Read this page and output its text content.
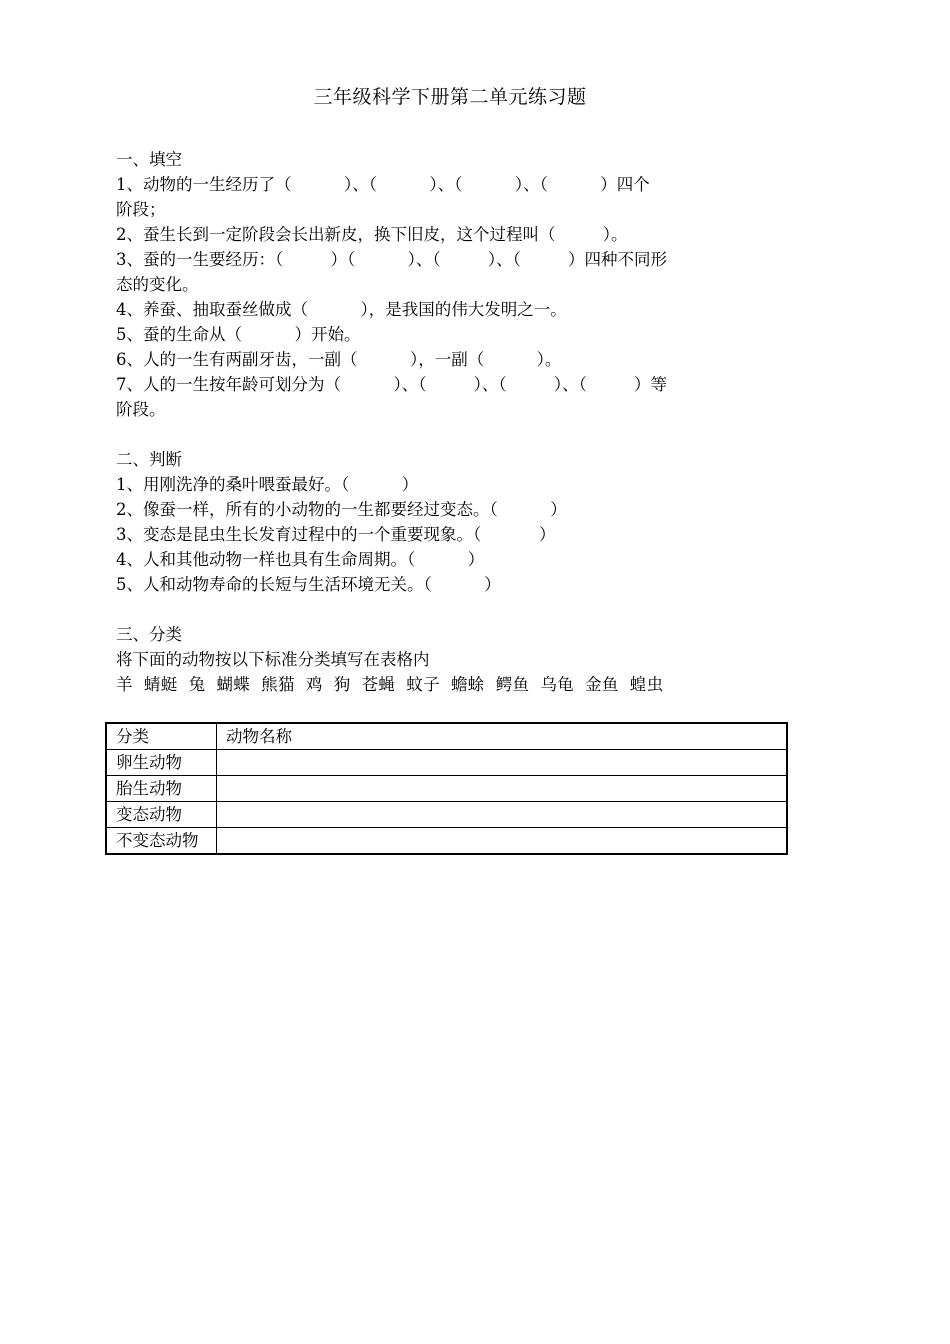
三年级科学下册第二单元练习题
一、填空
1、动物的一生经历了（          ）、（          ）、（          ）、（          ）四个
阶段；
2、蚕生长到一定阶段会长出新皮，换下旧皮，这个过程叫（         ）。
3、蚕的一生要经历：（         ）（          ）、（         ）、（         ）四种不同形
态的变化。
4、养蚕、抽取蚕丝做成（          ），是我国的伟大发明之一。
5、蚕的生命从（          ）开始。
6、人的一生有两副牙齿，一副（          ），一副（          ）。
7、人的一生按年龄可划分为（          ）、（         ）、（         ）、（         ）等
阶段。
二、判断
1、用刚洗净的桑叶喂蚕最好。（          ）
2、像蚕一样，所有的小动物的一生都要经过变态。（          ）
3、变态是昆虫生长发育过程中的一个重要现象。（           ）
4、人和其他动物一样也具有生命周期。（          ）
5、人和动物寿命的长短与生活环境无关。（          ）
三、分类
将下面的动物按以下标准分类填写在表格内
羊  蜻蜓  兔  蝴蝶  熊猫  鸡  狗  苍蝇  蚊子  蟾蜍  鳄鱼  乌龟  金鱼  蝗虫
分类	动物名称
卵生动物	
胎生动物	
变态动物	
不变态动物	
